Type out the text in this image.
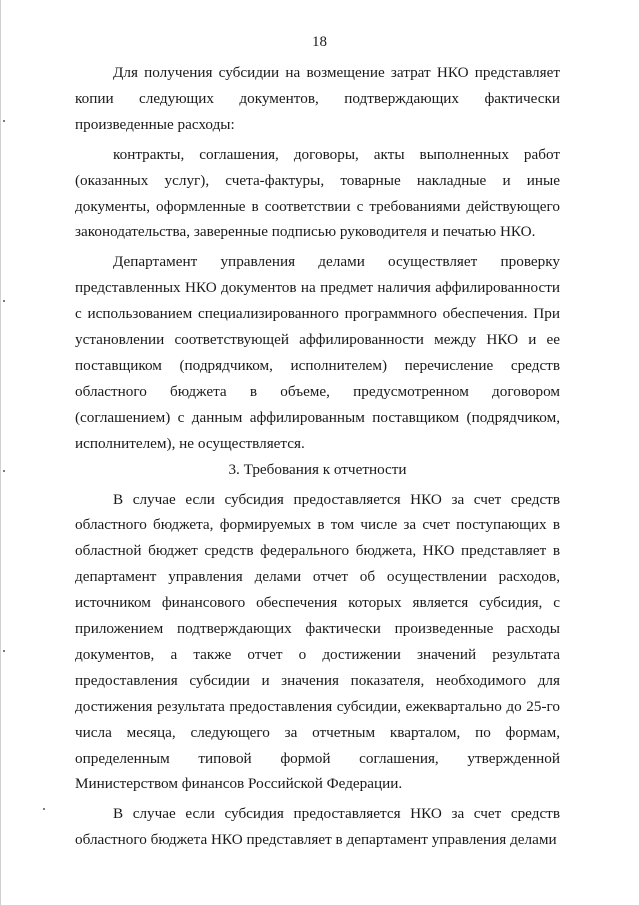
18

Для получения субсидии на возмещение затрат НКО представляет копии следующих документов, подтверждающих фактически произведенные расходы:

контракты, соглашения, договоры, акты выполненных работ (оказанных услуг), счета-фактуры, товарные накладные и иные документы, оформленные в соответствии с требованиями действующего законодательства, заверенные подписью руководителя и печатью НКО.

Департамент управления делами осуществляет проверку представленных НКО документов на предмет наличия аффилированности с использованием специализированного программного обеспечения. При установлении соответствующей аффилированности между НКО и ее поставщиком (подрядчиком, исполнителем) перечисление средств областного бюджета в объеме, предусмотренном договором (соглашением) с данным аффилированным поставщиком (подрядчиком, исполнителем), не осуществляется.

3. Требования к отчетности

В случае если субсидия предоставляется НКО за счет средств областного бюджета, формируемых в том числе за счет поступающих в областной бюджет средств федерального бюджета, НКО представляет в департамент управления делами отчет об осуществлении расходов, источником финансового обеспечения которых является субсидия, с приложением подтверждающих фактически произведенные расходы документов, а также отчет о достижении значений результата предоставления субсидии и значения показателя, необходимого для достижения результата предоставления субсидии, ежеквартально до 25-го числа месяца, следующего за отчетным кварталом, по формам, определенным типовой формой соглашения, утвержденной Министерством финансов Российской Федерации.

В случае если субсидия предоставляется НКО за счет средств областного бюджета НКО представляет в департамент управления делами
